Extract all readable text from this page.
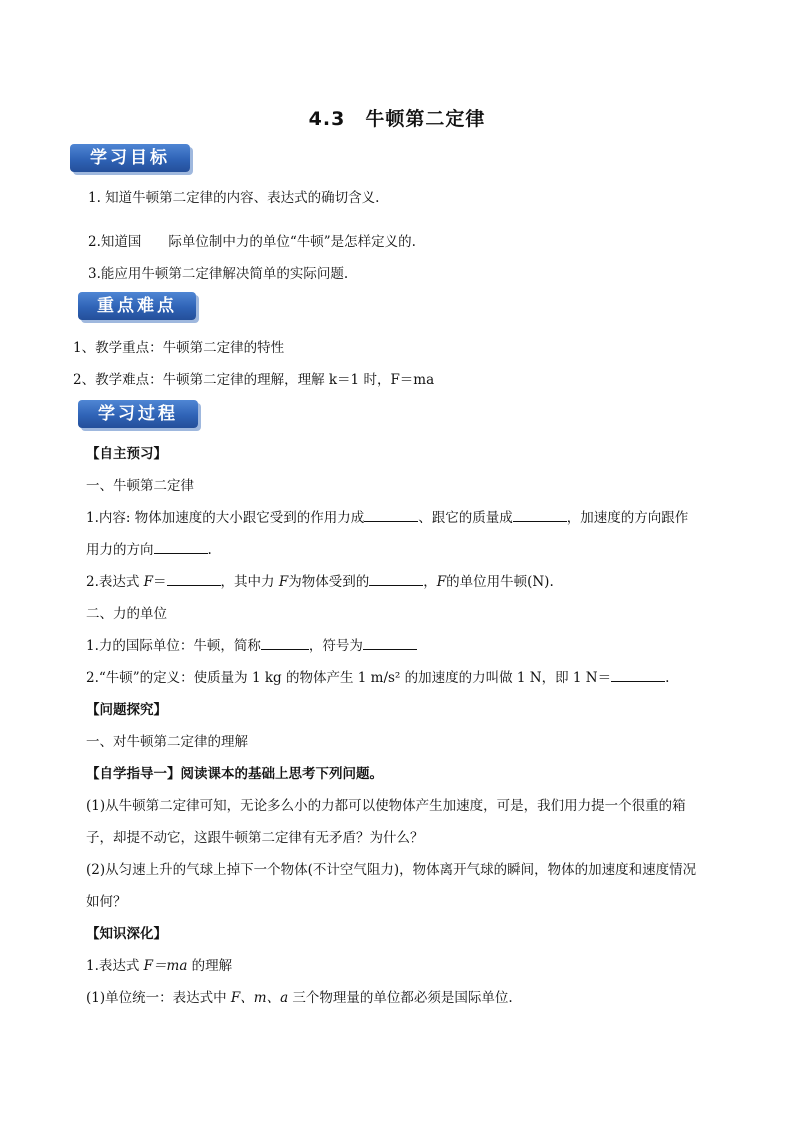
4.3　牛顿第二定律
学习目标
1. 知道牛顿第二定律的内容、表达式的确切含义.
2.知道国　　际单位制中力的单位“牛顿”是怎样定义的.
3.能应用牛顿第二定律解决简单的实际问题.
重点难点
1、教学重点：牛顿第二定律的特性
2、教学难点：牛顿第二定律的理解，理解 k＝1 时，F＝ma
学习过程
【自主预习】
一、牛顿第二定律
1.内容: 物体加速度的大小跟它受到的作用力成	、跟它的质量成	，加速度的方向跟作
用力的方向	.
2.表达式 F＝	，其中力 F为物体受到的	，F的单位用牛顿(N).
二、力的单位
1.力的国际单位：牛顿，简称	，符号为
2.“牛顿”的定义：使质量为 1 kg 的物体产生 1 m/s² 的加速度的力叫做 1 N，即 1 N＝	.
【问题探究】
一、对牛顿第二定律的理解
【自学指导一】阅读课本的基础上思考下列问题。
(1)从牛顿第二定律可知，无论多么小的力都可以使物体产生加速度，可是，我们用力提一个很重的箱
子，却提不动它，这跟牛顿第二定律有无矛盾？为什么？
(2)从匀速上升的气球上掉下一个物体(不计空气阻力)，物体离开气球的瞬间，物体的加速度和速度情况
如何？
【知识深化】
1.表达式 F＝ma 的理解
(1)单位统一：表达式中 F、m、a 三个物理量的单位都必须是国际单位.
